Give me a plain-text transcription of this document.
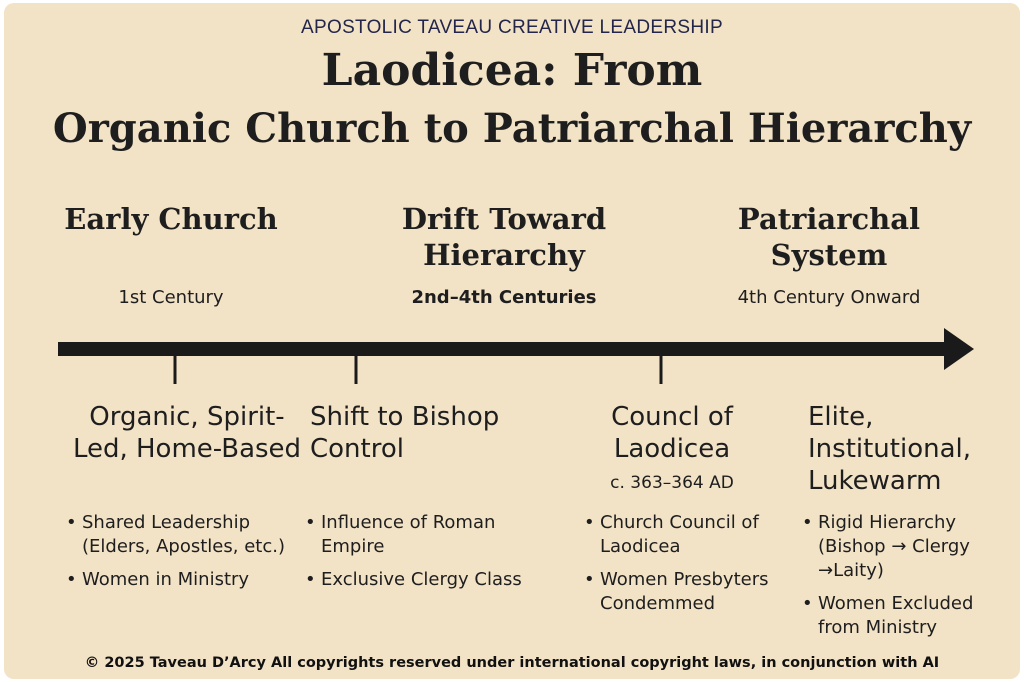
APOSTOLIC TAVEAU CREATIVE LEADERSHIP
Laodicea: From
Organic Church to Patriarchal Hierarchy
Early Church
1st Century
Drift Toward Hierarchy
2nd–4th Centuries
Patriarchal System
4th Century Onward
Organic, Spirit-Led, Home-Based
• Shared Leadership (Elders, Apostles, etc.)
• Women in Ministry
Shift to Bishop Control
• Influence of Roman Empire
• Exclusive Clergy Class
Councl of Laodicea
c. 363–364 AD
• Church Council of Laodicea
• Women Presbyters Condemmed
Elite, Institutional, Lukewarm
• Rigid Hierarchy (Bishop → Clergy →Laity)
• Women Excluded from Ministry
© 2025 Taveau D’Arcy All copyrights reserved under international copyright laws, in conjunction with AI
